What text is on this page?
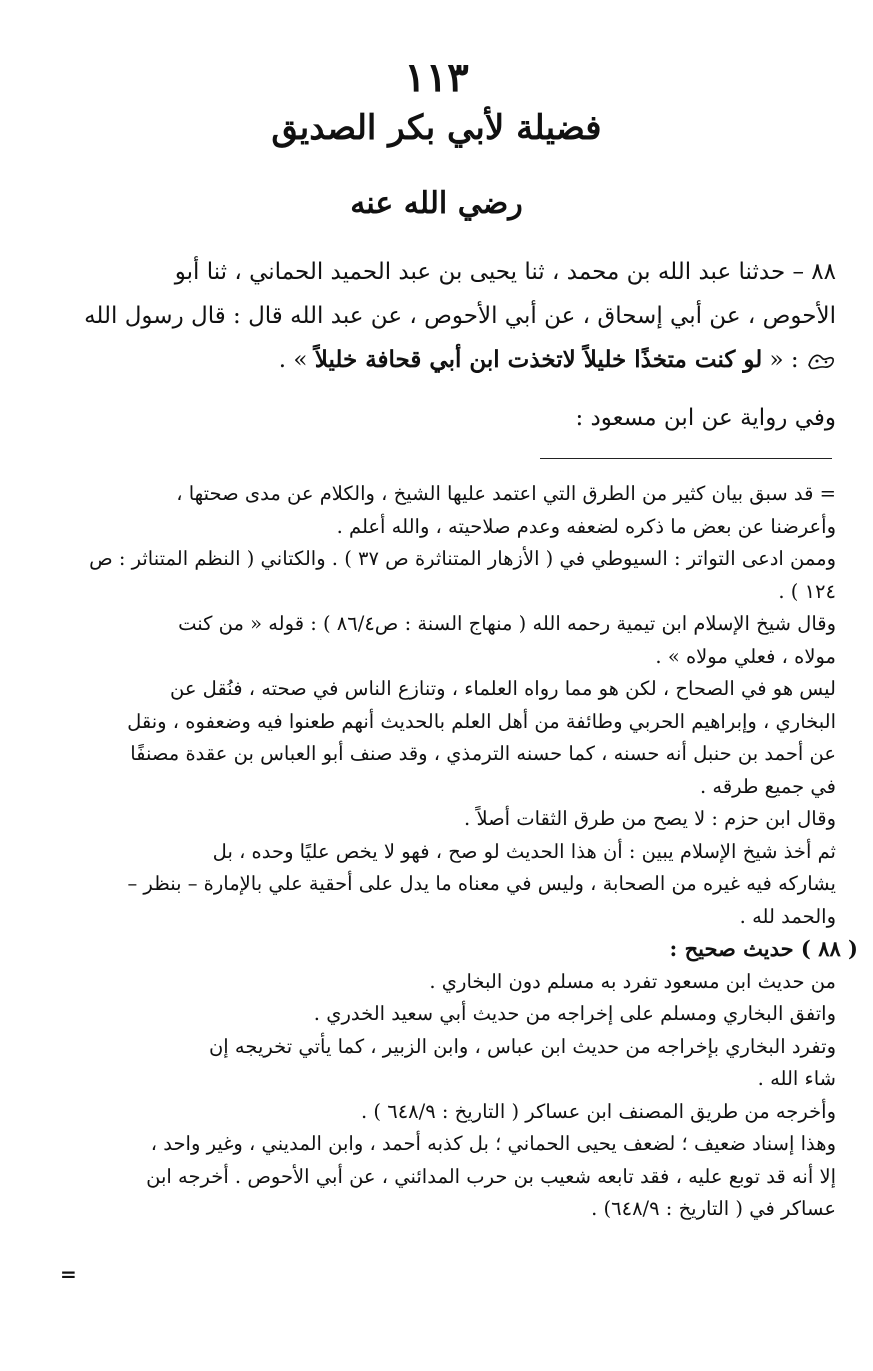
١١٣
فضيلة لأبي بكر الصديق
رضي الله عنه

٨٨ – حدثنا عبد الله بن محمد ، ثنا يحيى بن عبد الحميد الحماني ، ثنا أبو

الأحوص ، عن أبي إسحاق ، عن أبي الأحوص ، عن عبد الله قال : قال رسول الله

: « لو كنت متخذًا خليلاً لاتخذت ابن أبي قحافة خليلاً » .

وفي رواية عن ابن مسعود :

= قد سبق بيان كثير من الطرق التي اعتمد عليها الشيخ ، والكلام عن مدى صحتها ،

وأعرضنا عن بعض ما ذكره لضعفه وعدم صلاحيته ، والله أعلم .

وممن ادعى التواتر : السيوطي في ( الأزهار المتناثرة ص ٣٧ ) . والكتاني ( النظم المتناثر : ص

١٢٤ ) .

وقال شيخ الإسلام ابن تيمية رحمه الله ( منهاج السنة : ص٨٦/٤ ) : قوله « من كنت

مولاه ، فعلي مولاه » .

ليس هو في الصحاح ، لكن هو مما رواه العلماء ، وتنازع الناس في صحته ، فنُقل عن

البخاري ، وإبراهيم الحربي وطائفة من أهل العلم بالحديث أنهم طعنوا فيه وضعفوه ، ونقل

عن أحمد بن حنبل أنه حسنه ، كما حسنه الترمذي ، وقد صنف أبو العباس بن عقدة مصنفًا

في جميع طرقه .

وقال ابن حزم : لا يصح من طرق الثقات أصلاً .

ثم أخذ شيخ الإسلام يبين : أن هذا الحديث لو صح ، فهو لا يخص عليًا وحده ، بل

يشاركه فيه غيره من الصحابة ، وليس في معناه ما يدل على أحقية علي بالإمارة – بنظر –

والحمد لله .

( ٨٨ ) حديث صحيح :

من حديث ابن مسعود تفرد به مسلم دون البخاري .

واتفق البخاري ومسلم على إخراجه من حديث أبي سعيد الخدري .

وتفرد البخاري بإخراجه من حديث ابن عباس ، وابن الزبير ، كما يأتي تخريجه إن

شاء الله .

وأخرجه من طريق المصنف ابن عساكر ( التاريخ : ٦٤٨/٩ ) .

وهذا إسناد ضعيف ؛ لضعف يحيى الحماني ؛ بل كذبه أحمد ، وابن المديني ، وغير واحد ،

إلا أنه قد توبع عليه ، فقد تابعه شعيب بن حرب المدائني ، عن أبي الأحوص . أخرجه ابن

عساكر في ( التاريخ : ٦٤٨/٩) .

=
